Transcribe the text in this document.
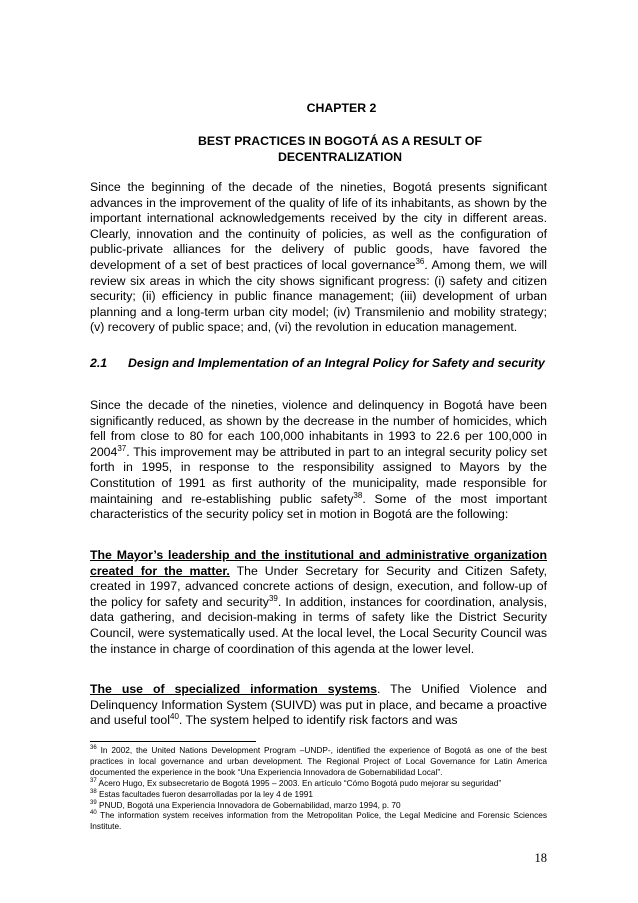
CHAPTER 2
BEST PRACTICES IN BOGOTÁ AS A RESULT OF
DECENTRALIZATION

Since the beginning of the decade of the nineties, Bogotá presents significant advances in the improvement of the quality of life of its inhabitants, as shown by the important international acknowledgements received by the city in different areas. Clearly, innovation and the continuity of policies, as well as the configuration of public-private alliances for the delivery of public goods, have favored the development of a set of best practices of local governance$^{36}$. Among them, we will review six areas in which the city shows significant progress: (i) safety and citizen security; (ii) efficiency in public finance management; (iii) development of urban planning and a long-term urban city model; (iv) Transmilenio and mobility strategy; (v) recovery of public space; and, (vi) the revolution in education management.

2.1 Design and Implementation of an Integral Policy for Safety and security

Since the decade of the nineties, violence and delinquency in Bogotá have been significantly reduced, as shown by the decrease in the number of homicides, which fell from close to 80 for each 100,000 inhabitants in 1993 to 22.6 per 100,000 in 2004$^{37}$. This improvement may be attributed in part to an integral security policy set forth in 1995, in response to the responsibility assigned to Mayors by the Constitution of 1991 as first authority of the municipality, made responsible for maintaining and re-establishing public safety$^{38}$. Some of the most important characteristics of the security policy set in motion in Bogotá are the following:

The Mayor’s leadership and the institutional and administrative organization created for the matter. The Under Secretary for Security and Citizen Safety, created in 1997, advanced concrete actions of design, execution, and follow-up of the policy for safety and security$^{39}$. In addition, instances for coordination, analysis, data gathering, and decision-making in terms of safety like the District Security Council, were systematically used. At the local level, the Local Security Council was the instance in charge of coordination of this agenda at the lower level.

The use of specialized information systems. The Unified Violence and Delinquency Information System (SUIVD) was put in place, and became a proactive and useful tool$^{40}$. The system helped to identify risk factors and was

$^{36}$ In 2002, the United Nations Development Program –UNDP-, identified the experience of Bogotá as one of the best practices in local governance and urban development. The Regional Project of Local Governance for Latin America documented the experience in the book “Una Experiencia Innovadora de Gobernabilidad Local”.

$^{37}$ Acero Hugo, Ex subsecretario de Bogotá 1995 – 2003. En artículo “Cómo Bogotá pudo mejorar su seguridad”

$^{38}$ Estas facultades fueron desarrolladas por la ley 4 de 1991

$^{39}$ PNUD, Bogotá una Experiencia Innovadora de Gobernabilidad, marzo 1994, p. 70

$^{40}$ The information system receives information from the Metropolitan Police, the Legal Medicine and Forensic Sciences Institute.

18
